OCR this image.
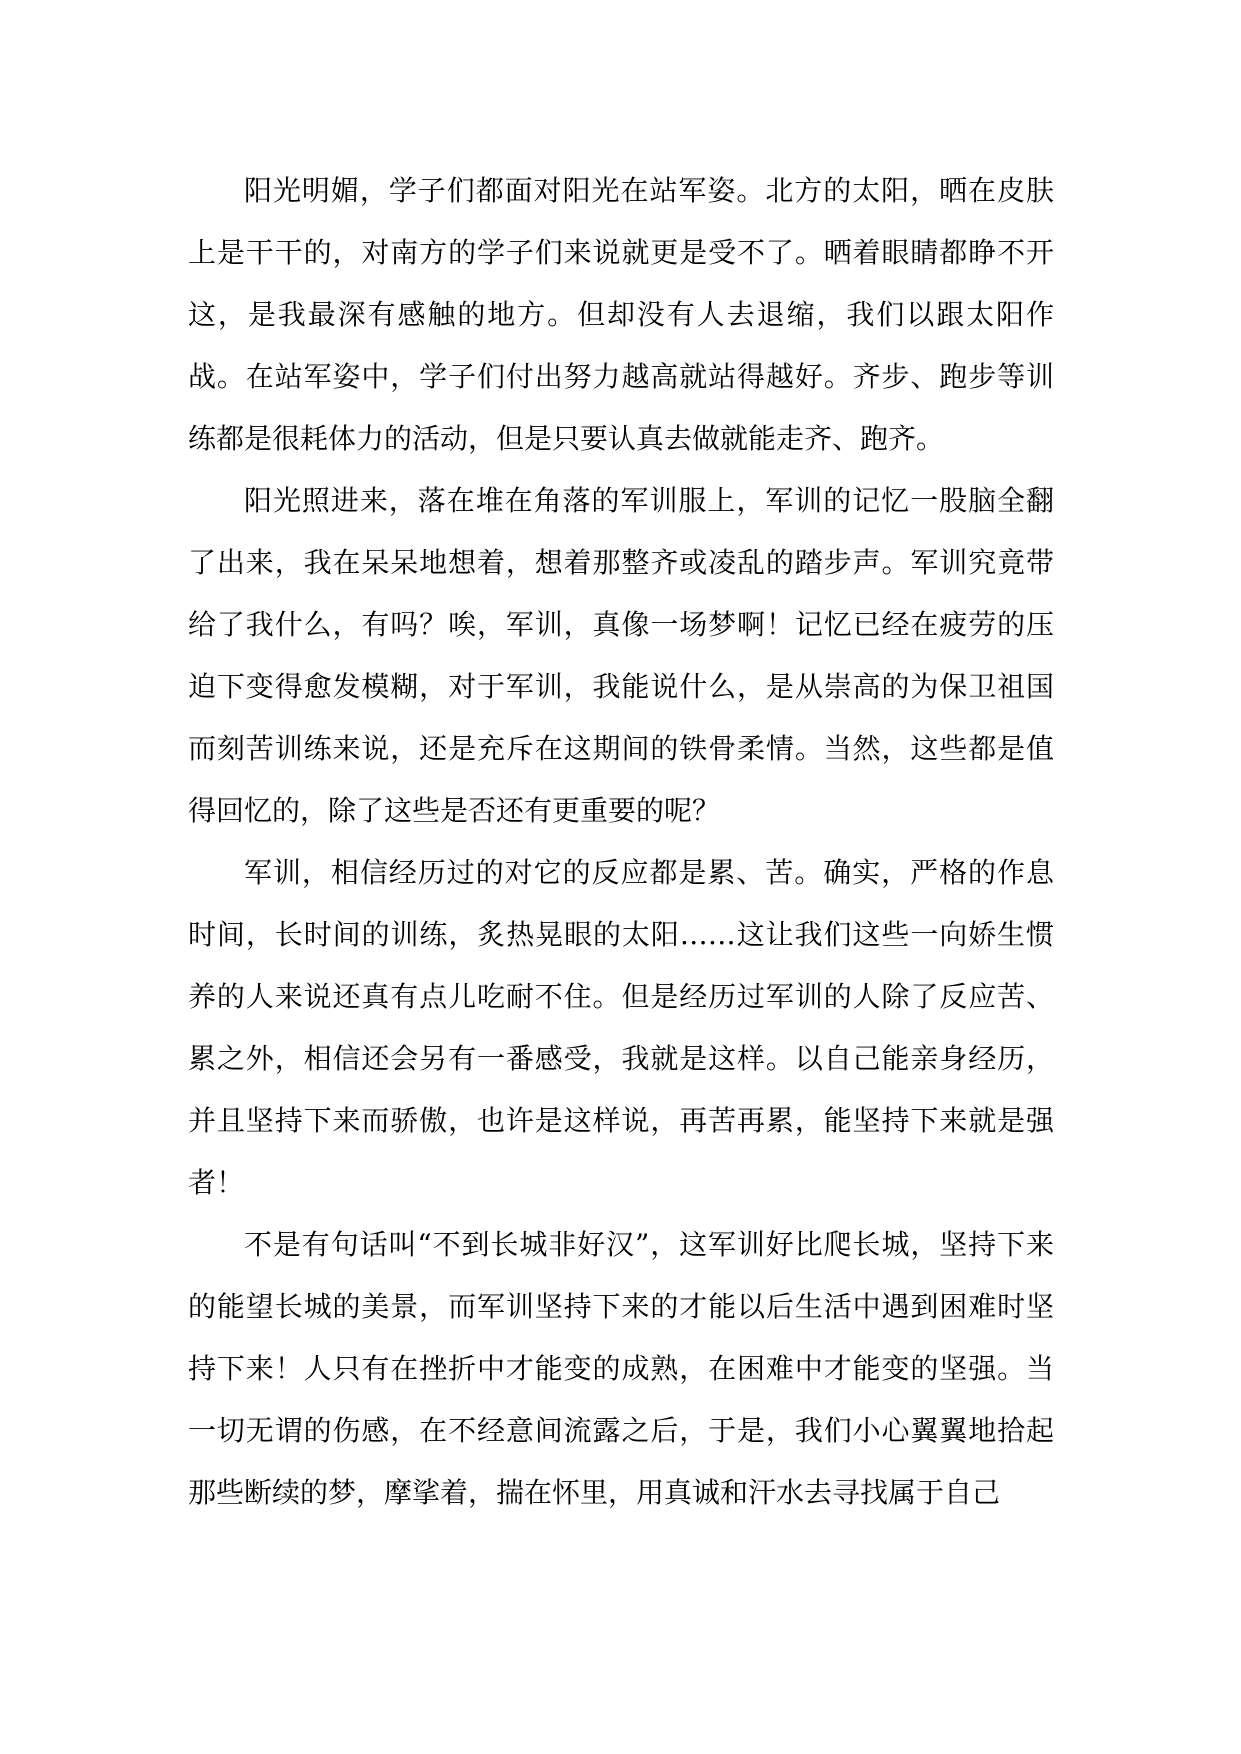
阳光明媚，学子们都面对阳光在站军姿。北方的太阳，晒在皮肤上是干干的，对南方的学子们来说就更是受不了。晒着眼睛都睁不开这，是我最深有感触的地方。但却没有人去退缩，我们以跟太阳作战。在站军姿中，学子们付出努力越高就站得越好。齐步、跑步等训练都是很耗体力的活动，但是只要认真去做就能走齐、跑齐。

阳光照进来，落在堆在角落的军训服上，军训的记忆一股脑全翻了出来，我在呆呆地想着，想着那整齐或凌乱的踏步声。军训究竟带给了我什么，有吗？唉，军训，真像一场梦啊！记忆已经在疲劳的压迫下变得愈发模糊，对于军训，我能说什么，是从崇高的为保卫祖国而刻苦训练来说，还是充斥在这期间的铁骨柔情。当然，这些都是值得回忆的，除了这些是否还有更重要的呢？

军训，相信经历过的对它的反应都是累、苦。确实，严格的作息时间，长时间的训练，炙热晃眼的太阳……这让我们这些一向娇生惯养的人来说还真有点儿吃耐不住。但是经历过军训的人除了反应苦、累之外，相信还会另有一番感受，我就是这样。以自己能亲身经历，并且坚持下来而骄傲，也许是这样说，再苦再累，能坚持下来就是强者！

不是有句话叫“不到长城非好汉”，这军训好比爬长城，坚持下来的能望长城的美景，而军训坚持下来的才能以后生活中遇到困难时坚持下来！人只有在挫折中才能变的成熟，在困难中才能变的坚强。当一切无谓的伤感，在不经意间流露之后，于是，我们小心翼翼地拾起那些断续的梦，摩挲着，揣在怀里，用真诚和汗水去寻找属于自己
